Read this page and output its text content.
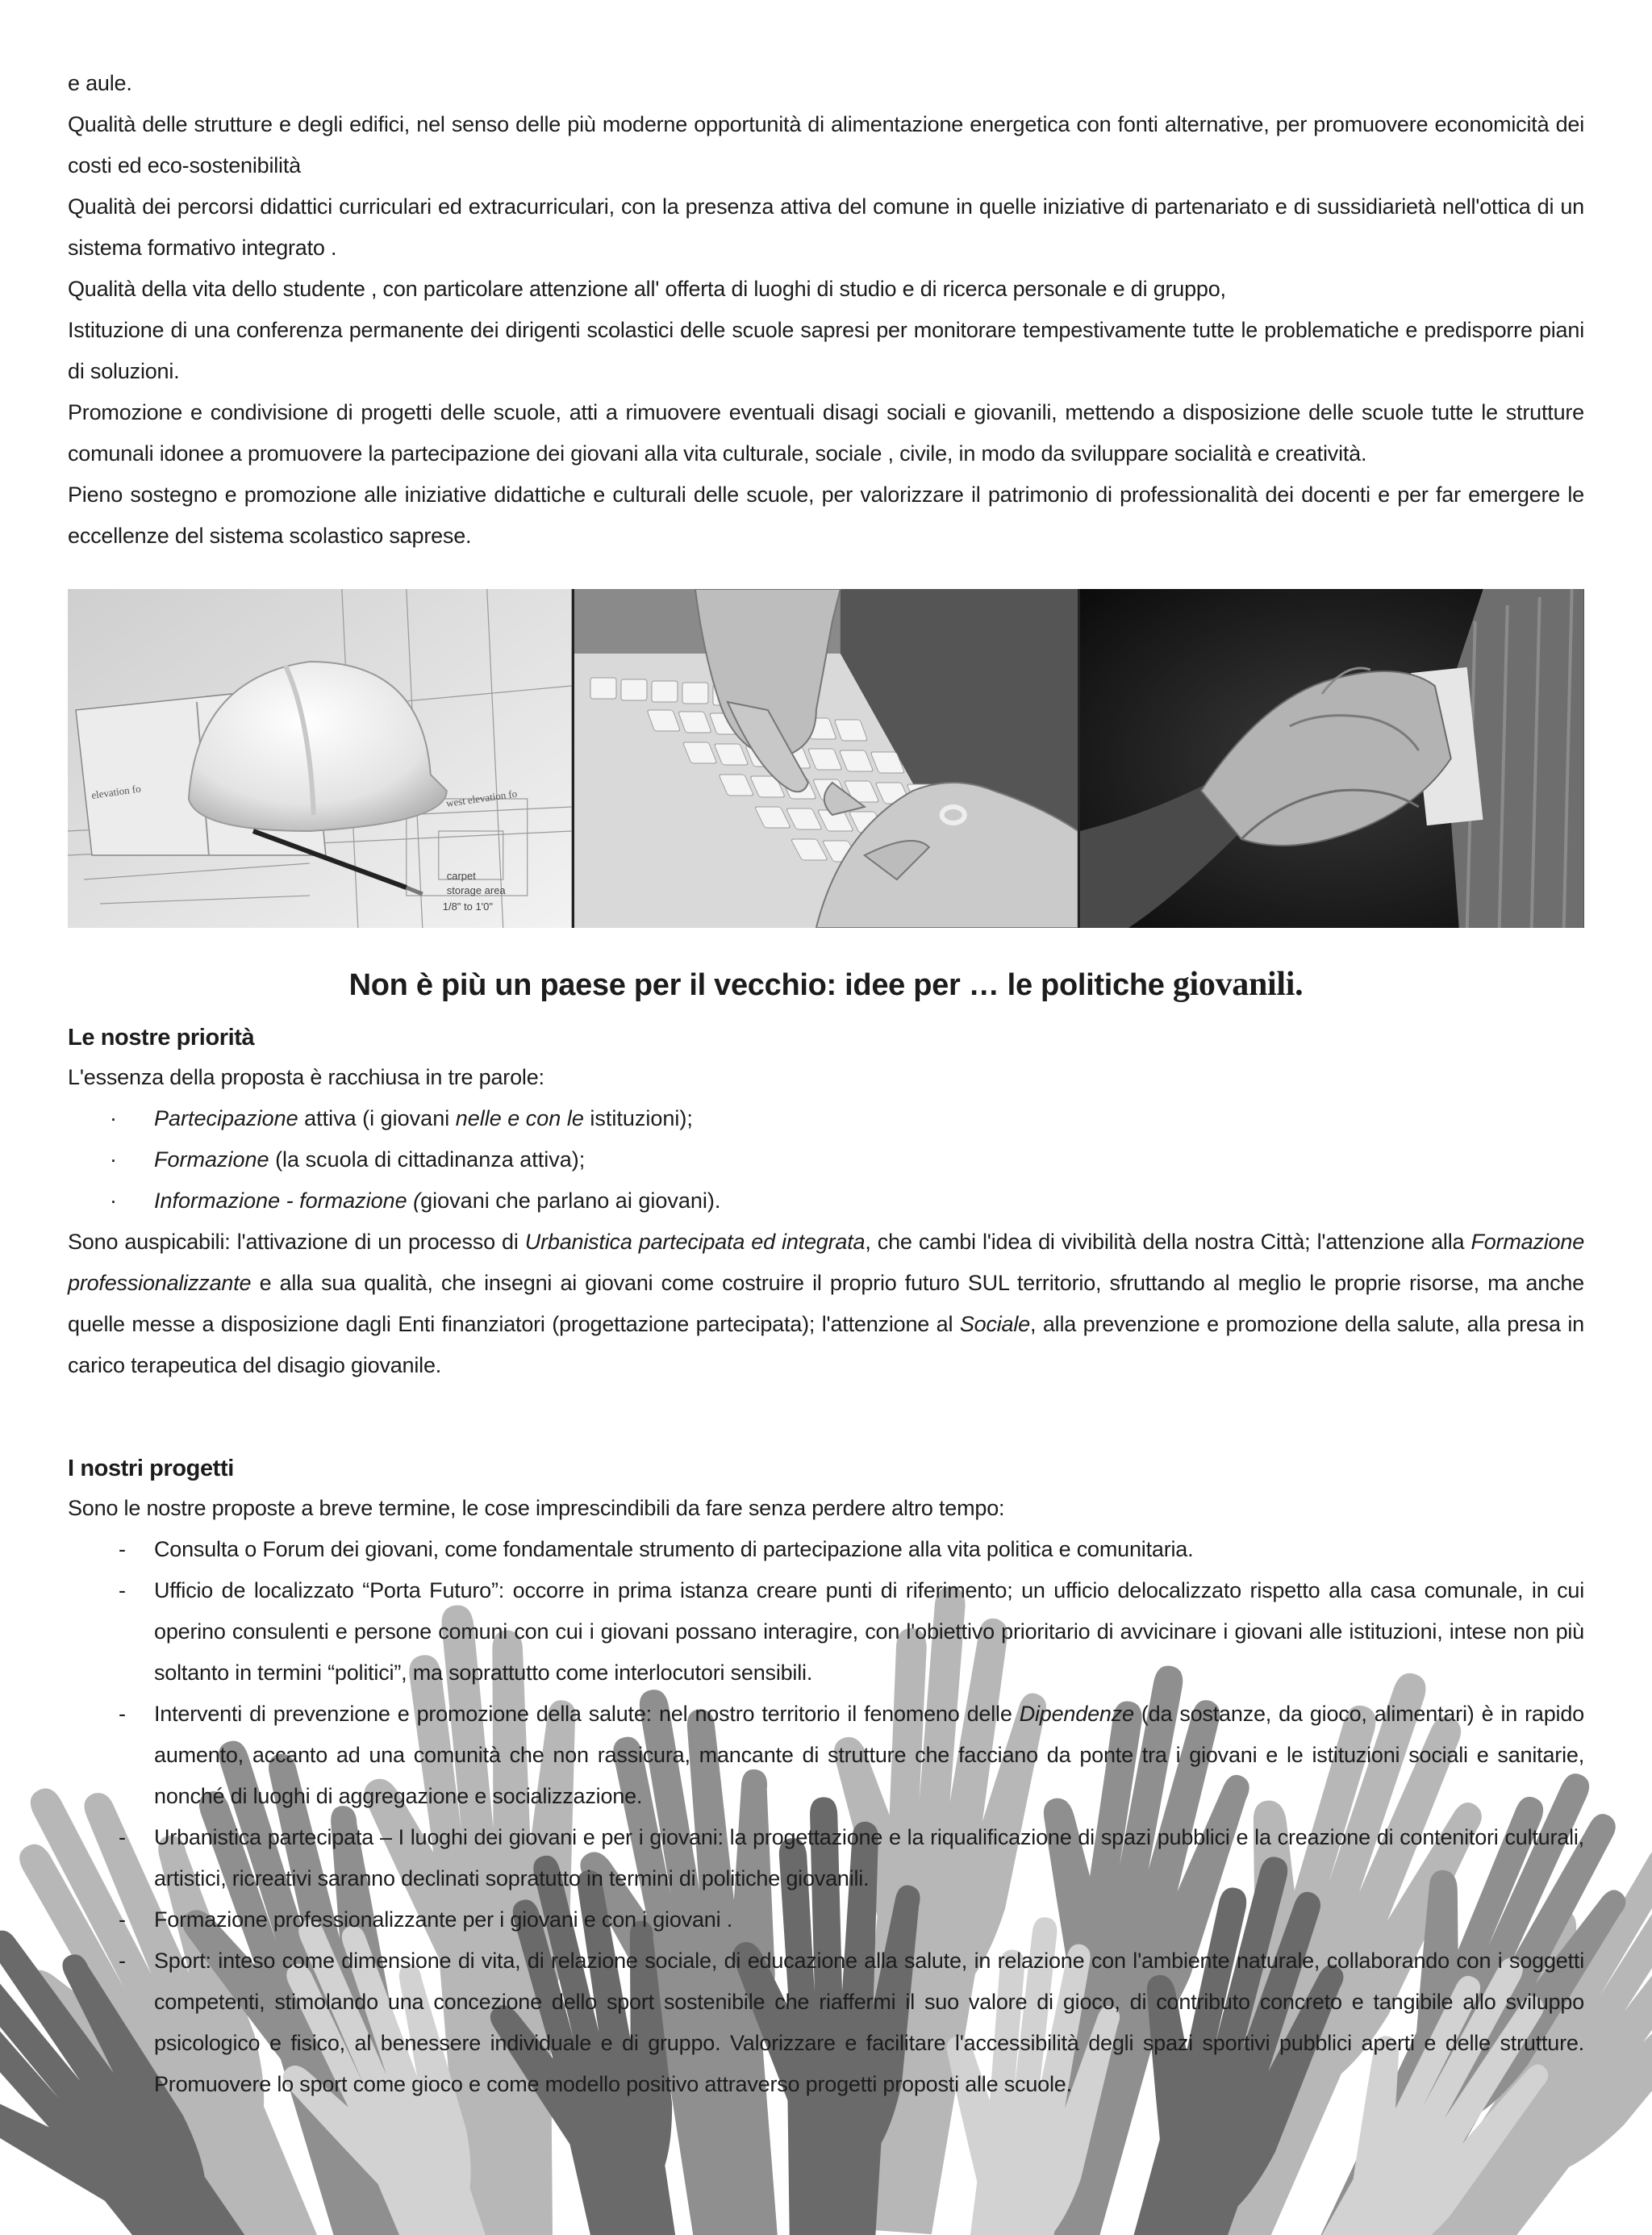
e aule.

Qualità delle strutture e degli edifici, nel senso delle più moderne opportunità di alimentazione energetica con fonti alternative, per promuovere economicità dei costi ed eco-sostenibilità

Qualità dei percorsi didattici curriculari ed extracurriculari, con la presenza attiva del comune in quelle iniziative di partenariato e di sussidiarietà nell'ottica di un sistema formativo integrato .

Qualità della vita dello studente , con particolare attenzione all' offerta di luoghi di studio e di ricerca personale e di gruppo,

Istituzione di una conferenza permanente dei dirigenti scolastici delle scuole sapresi per monitorare tempestivamente tutte le problematiche e predisporre piani di soluzioni.

Promozione e condivisione di progetti delle scuole, atti a rimuovere eventuali disagi sociali e giovanili, mettendo a disposizione delle scuole tutte le strutture comunali idonee a promuovere la partecipazione dei giovani alla vita culturale, sociale , civile, in modo da sviluppare socialità e creatività.

Pieno sostegno e promozione alle iniziative didattiche e culturali delle scuole, per valorizzare il patrimonio di professionalità dei docenti e per far emergere le eccellenze del sistema scolastico saprese.

elevation fo	west elevation fo
carpet
storage area
1/8" to 1'0"
Non è più un paese per il vecchio: idee per … le politiche giovanili.
Le nostre priorità

L'essenza della proposta è racchiusa in tre parole:

· Partecipazione attiva (i giovani nelle e con le istituzioni);

· Formazione (la scuola di cittadinanza attiva);

· Informazione - formazione (giovani che parlano ai giovani).

Sono auspicabili: l'attivazione di un processo di Urbanistica partecipata ed integrata, che cambi l'idea di vivibilità della nostra Città; l'attenzione alla Formazione professionalizzante e alla sua qualità, che insegni ai giovani come costruire il proprio futuro SUL territorio, sfruttando al meglio le proprie risorse, ma anche quelle messe a disposizione dagli Enti finanziatori (progettazione partecipata); l'attenzione al Sociale, alla prevenzione e promozione della salute, alla presa in carico terapeutica del disagio giovanile.

I nostri progetti

Sono le nostre proposte a breve termine, le cose imprescindibili da fare senza perdere altro tempo:

- Consulta o Forum dei giovani, come fondamentale strumento di partecipazione alla vita politica e comunitaria.

- Ufficio de localizzato “Porta Futuro”: occorre in prima istanza creare punti di riferimento; un ufficio delocalizzato rispetto alla casa comunale, in cui operino consulenti e persone comuni con cui i giovani possano interagire, con l'obiettivo prioritario di avvicinare i giovani alle istituzioni, intese non più soltanto in termini “politici”, ma soprattutto come interlocutori sensibili.

- Interventi di prevenzione e promozione della salute: nel nostro territorio il fenomeno delle Dipendenze (da sostanze, da gioco, alimentari) è in rapido aumento, accanto ad una comunità che non rassicura, mancante di strutture che facciano da ponte tra i giovani e le istituzioni sociali e sanitarie, nonché di luoghi di aggregazione e socializzazione.

- Urbanistica partecipata – I luoghi dei giovani e per i giovani: la progettazione e la riqualificazione di spazi pubblici e la creazione di contenitori culturali, artistici, ricreativi saranno declinati sopratutto in termini di politiche giovanili.

- Formazione professionalizzante per i giovani e con i giovani .

- Sport: inteso come dimensione di vita, di relazione sociale, di educazione alla salute, in relazione con l'ambiente naturale, collaborando con i soggetti competenti, stimolando una concezione dello sport sostenibile che riaffermi il suo valore di gioco, di contributo concreto e tangibile allo sviluppo psicologico e fisico, al benessere individuale e di gruppo. Valorizzare e facilitare l'accessibilità degli spazi sportivi pubblici aperti e delle strutture. Promuovere lo sport come gioco e come modello positivo attraverso progetti proposti alle scuole.
